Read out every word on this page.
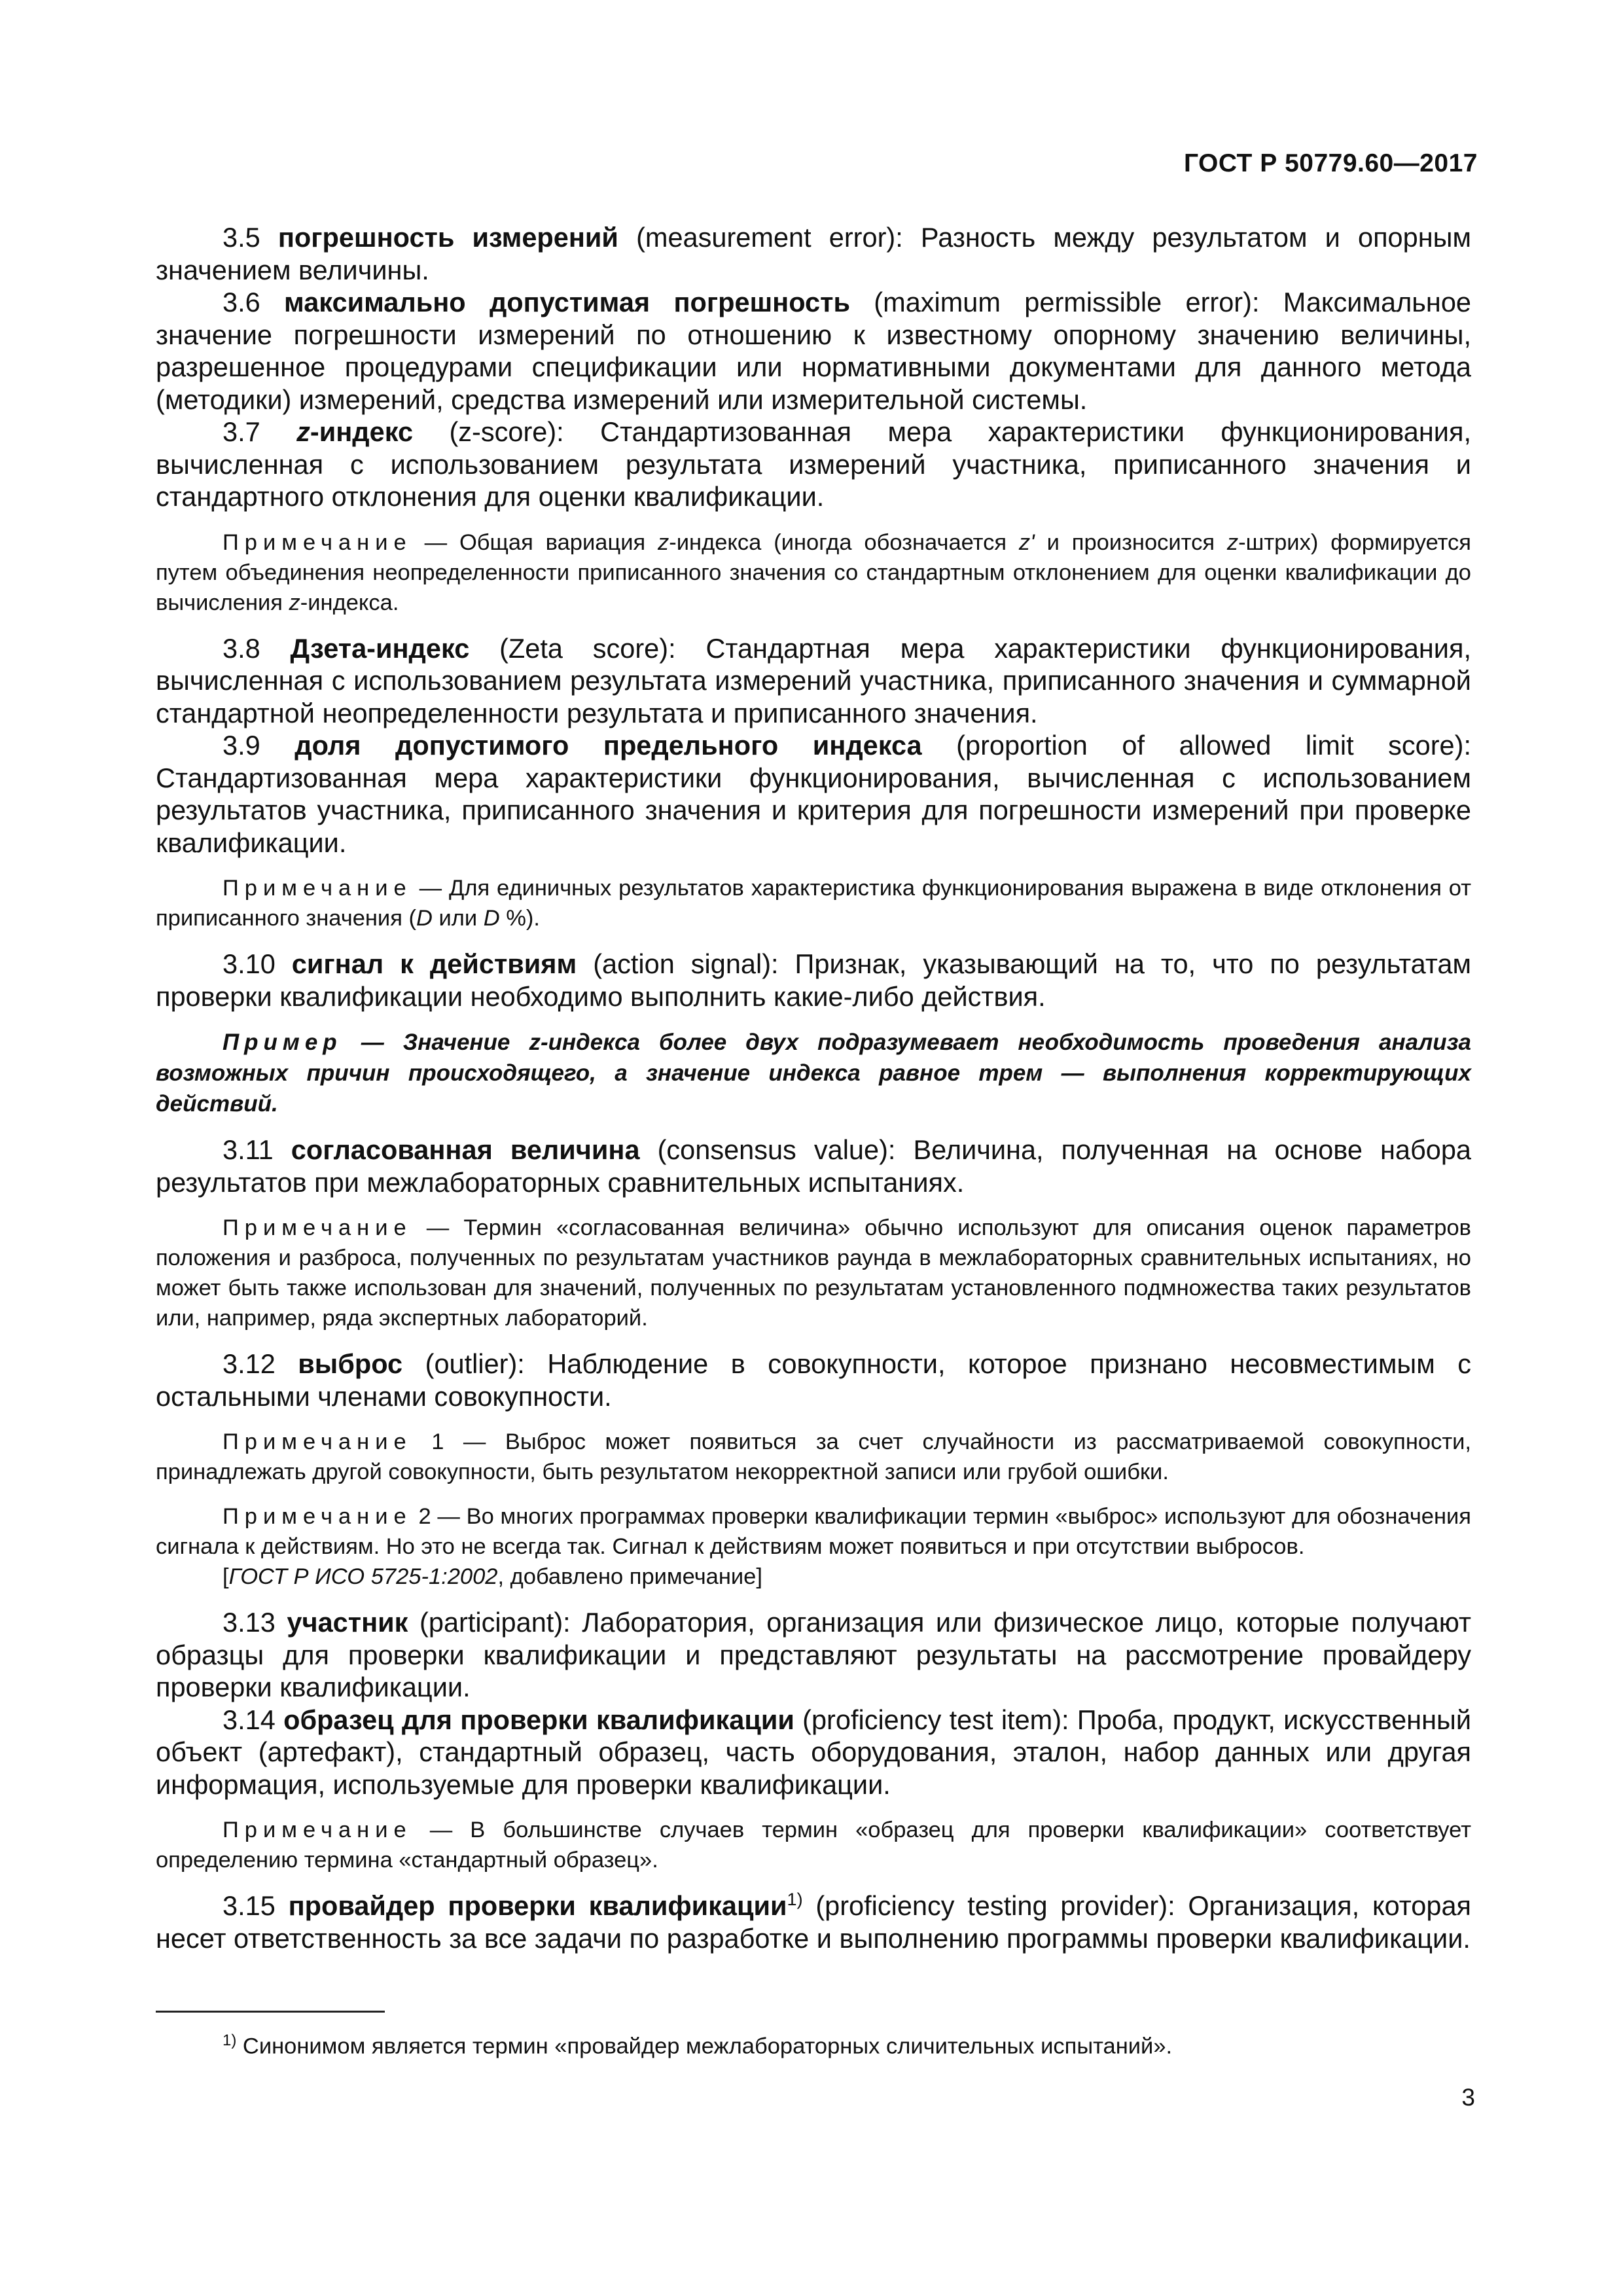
ГОСТ Р 50779.60—2017

3.5 погрешность измерений (measurement error): Разность между результатом и опорным значением величины.

3.6 максимально допустимая погрешность (maximum permissible error): Максимальное значение погрешности измерений по отношению к известному опорному значению величины, разрешенное процедурами спецификации или нормативными документами для данного метода (методики) измерений, средства измерений или измерительной системы.

3.7 z-индекс (z-score): Стандартизованная мера характеристики функционирования, вычисленная с использованием результата измерений участника, приписанного значения и стандартного отклонения для оценки квалификации.

Примечание — Общая вариация z-индекса (иногда обозначается z' и произносится z-штрих) формируется путем объединения неопределенности приписанного значения со стандартным отклонением для оценки квалификации до вычисления z-индекса.

3.8 Дзета-индекс (Zeta score): Стандартная мера характеристики функционирования, вычисленная с использованием результата измерений участника, приписанного значения и суммарной стандартной неопределенности результата и приписанного значения.

3.9 доля допустимого предельного индекса (proportion of allowed limit score): Стандартизованная мера характеристики функционирования, вычисленная с использованием результатов участника, приписанного значения и критерия для погрешности измерений при проверке квалификации.

Примечание — Для единичных результатов характеристика функционирования выражена в виде отклонения от приписанного значения (D или D %).

3.10 сигнал к действиям (action signal): Признак, указывающий на то, что по результатам проверки квалификации необходимо выполнить какие-либо действия.

Пример — Значение z-индекса более двух подразумевает необходимость проведения анализа возможных причин происходящего, а значение индекса равное трем — выполнения корректирующих действий.

3.11 согласованная величина (consensus value): Величина, полученная на основе набора результатов при межлабораторных сравнительных испытаниях.

Примечание — Термин «согласованная величина» обычно используют для описания оценок параметров положения и разброса, полученных по результатам участников раунда в межлабораторных сравнительных испытаниях, но может быть также использован для значений, полученных по результатам установленного подмножества таких результатов или, например, ряда экспертных лабораторий.

3.12 выброс (outlier): Наблюдение в совокупности, которое признано несовместимым с остальными членами совокупности.

Примечание 1 — Выброс может появиться за счет случайности из рассматриваемой совокупности, принадлежать другой совокупности, быть результатом некорректной записи или грубой ошибки.

Примечание 2 — Во многих программах проверки квалификации термин «выброс» используют для обозначения сигнала к действиям. Но это не всегда так. Сигнал к действиям может появиться и при отсутствии выбросов.

[ГОСТ Р ИСО 5725-1:2002, добавлено примечание]

3.13 участник (participant): Лаборатория, организация или физическое лицо, которые получают образцы для проверки квалификации и представляют результаты на рассмотрение провайдеру проверки квалификации.

3.14 образец для проверки квалификации (proficiency test item): Проба, продукт, искусственный объект (артефакт), стандартный образец, часть оборудования, эталон, набор данных или другая информация, используемые для проверки квалификации.

Примечание — В большинстве случаев термин «образец для проверки квалификации» соответствует определению термина «стандартный образец».

3.15 провайдер проверки квалификации$^{1)}$ (proficiency testing provider): Организация, которая несет ответственность за все задачи по разработке и выполнению программы проверки квалификации.

$^{1)}$ Синонимом является термин «провайдер межлабораторных сличительных испытаний».
3
